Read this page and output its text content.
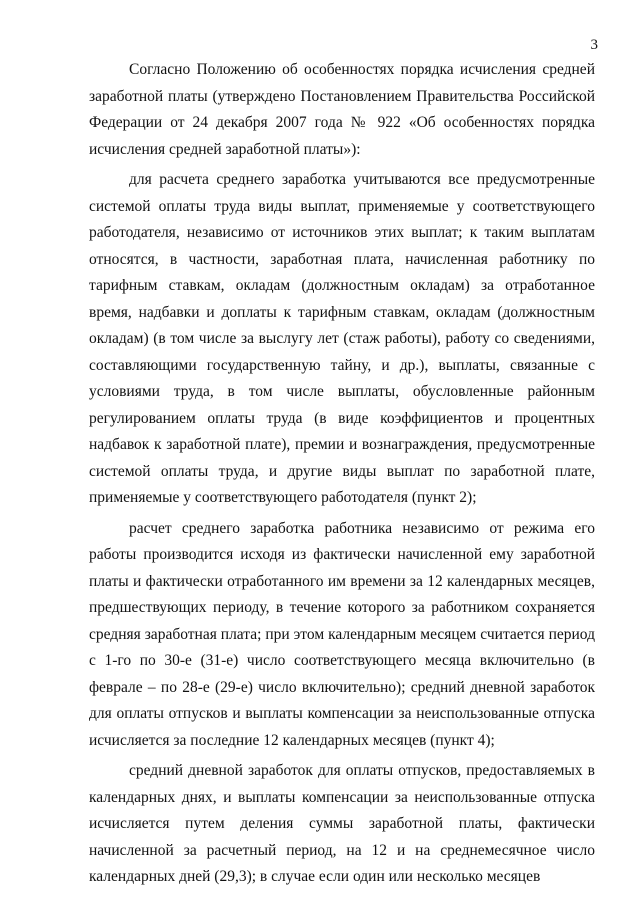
3

Согласно Положению об особенностях порядка исчисления средней заработной платы (утверждено Постановлением Правительства Российской Федерации от 24 декабря 2007 года № 922 «Об особенностях порядка исчисления средней заработной платы»):

для расчета среднего заработка учитываются все предусмотренные системой оплаты труда виды выплат, применяемые у соответствующего работодателя, независимо от источников этих выплат; к таким выплатам относятся, в частности, заработная плата, начисленная работнику по тарифным ставкам, окладам (должностным окладам) за отработанное время, надбавки и доплаты к тарифным ставкам, окладам (должностным окладам) (в том числе за выслугу лет (стаж работы), работу со сведениями, составляющими государственную тайну, и др.), выплаты, связанные с условиями труда, в том числе выплаты, обусловленные районным регулированием оплаты труда (в виде коэффициентов и процентных надбавок к заработной плате), премии и вознаграждения, предусмотренные системой оплаты труда, и другие виды выплат по заработной плате, применяемые у соответствующего работодателя (пункт 2);

расчет среднего заработка работника независимо от режима его работы производится исходя из фактически начисленной ему заработной платы и фактически отработанного им времени за 12 календарных месяцев, предшествующих периоду, в течение которого за работником сохраняется средняя заработная плата; при этом календарным месяцем считается период с 1-го по 30-е (31-е) число соответствующего месяца включительно (в феврале – по 28-е (29-е) число включительно); средний дневной заработок для оплаты отпусков и выплаты компенсации за неиспользованные отпуска исчисляется за последние 12 календарных месяцев (пункт 4);

средний дневной заработок для оплаты отпусков, предоставляемых в календарных днях, и выплаты компенсации за неиспользованные отпуска исчисляется путем деления суммы заработной платы, фактически начисленной за расчетный период, на 12 и на среднемесячное число календарных дней (29,3); в случае если один или несколько месяцев
